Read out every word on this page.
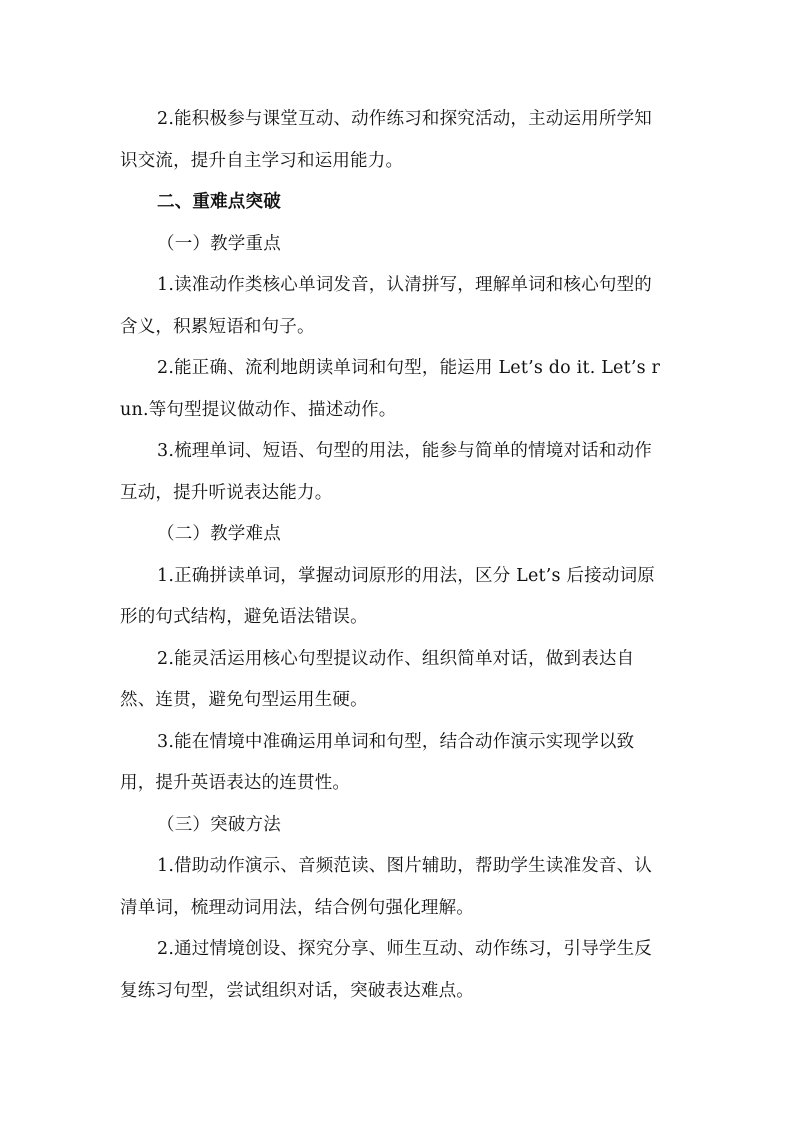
2.能积极参与课堂互动、动作练习和探究活动，主动运用所学知识交流，提升自主学习和运用能力。

二、重难点突破

（一）教学重点

1.读准动作类核心单词发音，认清拼写，理解单词和核心句型的含义，积累短语和句子。

2.能正确、流利地朗读单词和句型，能运用 Let’s do it. Let’s run.等句型提议做动作、描述动作。

3.梳理单词、短语、句型的用法，能参与简单的情境对话和动作互动，提升听说表达能力。

（二）教学难点

1.正确拼读单词，掌握动词原形的用法，区分 Let’s 后接动词原形的句式结构，避免语法错误。

2.能灵活运用核心句型提议动作、组织简单对话，做到表达自然、连贯，避免句型运用生硬。

3.能在情境中准确运用单词和句型，结合动作演示实现学以致用，提升英语表达的连贯性。

（三）突破方法

1.借助动作演示、音频范读、图片辅助，帮助学生读准发音、认清单词，梳理动词用法，结合例句强化理解。

2.通过情境创设、探究分享、师生互动、动作练习，引导学生反复练习句型，尝试组织对话，突破表达难点。
